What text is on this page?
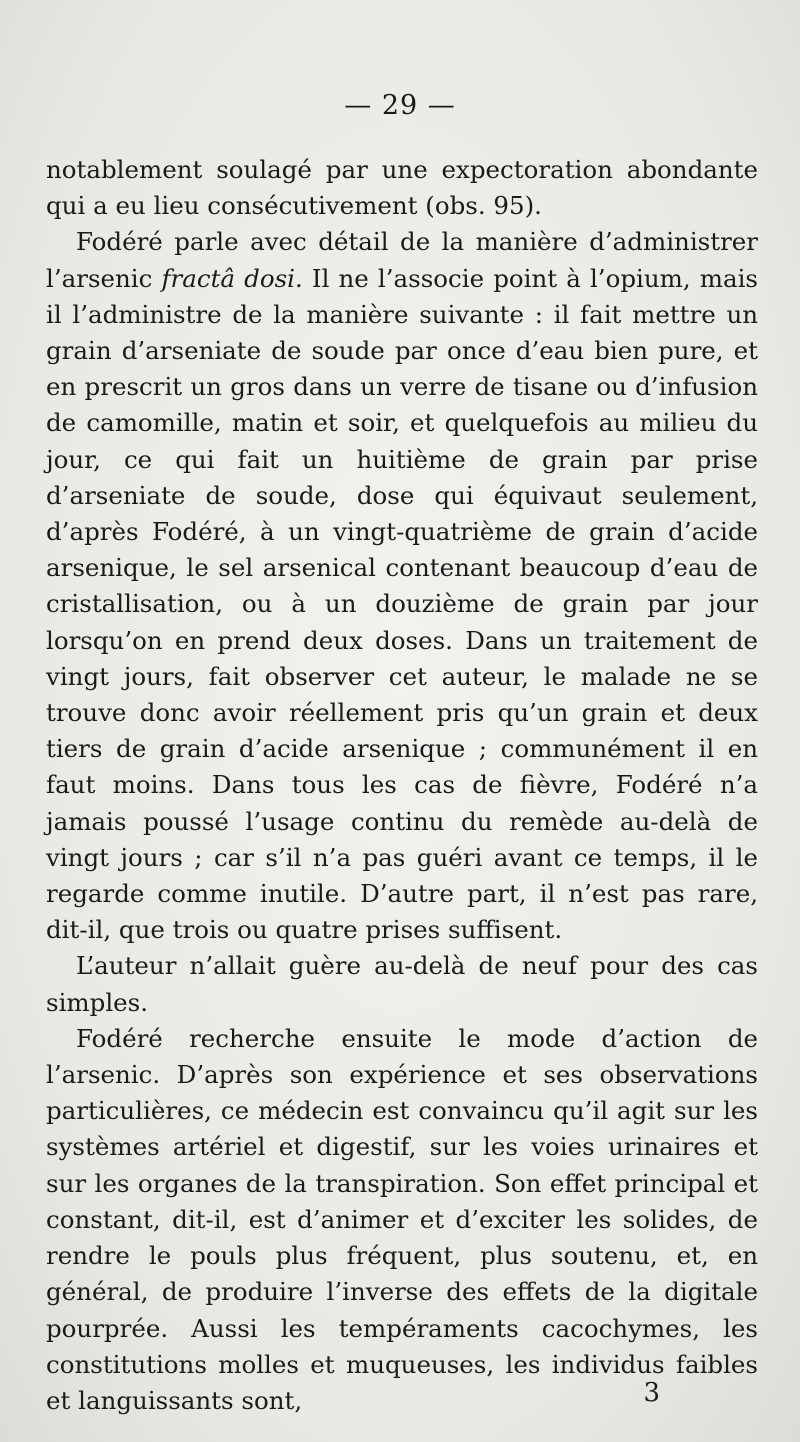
— 29 —

notablement soulagé par une expectoration abondante qui a eu lieu consécutivement (obs. 95).

Fodéré parle avec détail de la manière d’administrer l’arsenic fractâ dosi. Il ne l’associe point à l’opium, mais il l’administre de la manière suivante : il fait mettre un grain d’arseniate de soude par once d’eau bien pure, et en prescrit un gros dans un verre de tisane ou d’infusion de camomille, matin et soir, et quelquefois au milieu du jour, ce qui fait un huitième de grain par prise d’arseniate de soude, dose qui équivaut seulement, d’après Fodéré, à un vingt-quatrième de grain d’acide arsenique, le sel arsenical contenant beaucoup d’eau de cristallisation, ou à un douzième de grain par jour lorsqu’on en prend deux doses. Dans un traitement de vingt jours, fait observer cet auteur, le malade ne se trouve donc avoir réellement pris qu’un grain et deux tiers de grain d’acide arsenique ; communément il en faut moins. Dans tous les cas de fièvre, Fodéré n’a jamais poussé l’usage continu du remède au-delà de vingt jours ; car s’il n’a pas guéri avant ce temps, il le regarde comme inutile. D’autre part, il n’est pas rare, dit-il, que trois ou quatre prises suffisent.

L’auteur n’allait guère au-delà de neuf pour des cas simples.

Fodéré recherche ensuite le mode d’action de l’arsenic. D’après son expérience et ses observations particulières, ce médecin est convaincu qu’il agit sur les systèmes artériel et digestif, sur les voies urinaires et sur les organes de la transpiration. Son effet principal et constant, dit-il, est d’animer et d’exciter les solides, de rendre le pouls plus fréquent, plus soutenu, et, en général, de produire l’inverse des effets de la digitale pourprée. Aussi les tempéraments cacochymes, les constitutions molles et muqueuses, les individus faibles et languissants sont,	3
